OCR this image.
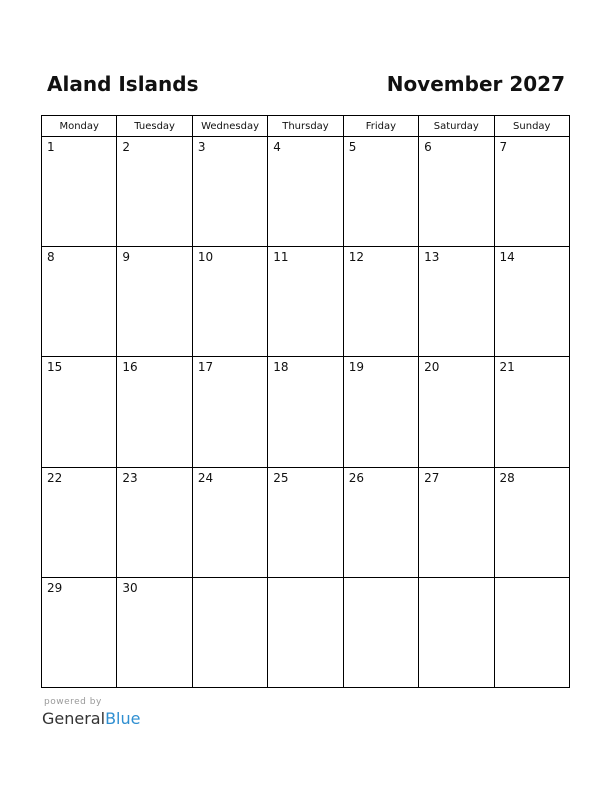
Aland Islands	November 2027
Monday	Tuesday	Wednesday	Thursday	Friday	Saturday	Sunday

1	2	3	4	5	6	7

8	9	10	11	12	13	14

15	16	17	18	19	20	21

22	23	24	25	26	27	28

29	30					

powered by
GeneralBlue
